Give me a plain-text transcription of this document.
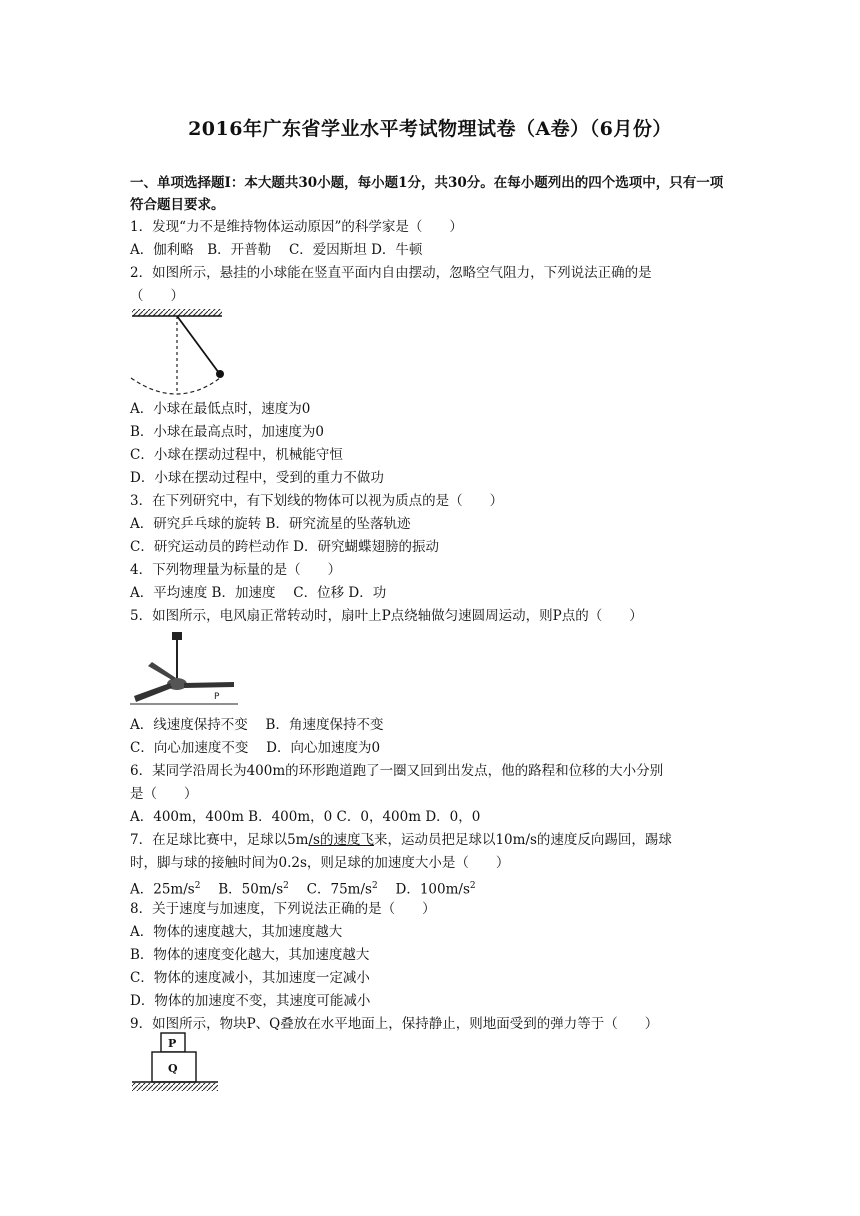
2016年广东省学业水平考试物理试卷（A卷）（6月份）
一、单项选择题Ⅰ：本大题共30小题，每小题1分，共30分。在每小题列出的四个选项中，只有一项符合题目要求。
1．发现“力不是维持物体运动原因”的科学家是（　　）
A．伽利略　B．开普勒　 C．爱因斯坦 D．牛顿
2．如图所示，悬挂的小球能在竖直平面内自由摆动，忽略空气阻力，下列说法正确的是
（　　）
A．小球在最低点时，速度为0
B．小球在最高点时，加速度为0
C．小球在摆动过程中，机械能守恒
D．小球在摆动过程中，受到的重力不做功
3．在下列研究中，有下划线的物体可以视为质点的是（　　）
A．研究乒乓球的旋转 B．研究流星的坠落轨迹
C．研究运动员的跨栏动作 D．研究蝴蝶翅膀的振动
4．下列物理量为标量的是（　　）
A．平均速度 B．加速度　 C．位移 D．功
5．如图所示，电风扇正常转动时，扇叶上P点绕轴做匀速圆周运动，则P点的（　　）
P
A．线速度保持不变　 B．角速度保持不变
C．向心加速度不变　 D．向心加速度为0
6．某同学沿周长为400m的环形跑道跑了一圈又回到出发点，他的路程和位移的大小分别
是（　　）
A．400m，400m B．400m，0 C．0，400m D．0，0
7．在足球比赛中，足球以5m/s的速度飞来，运动员把足球以10m/s的速度反向踢回，踢球
时，脚与球的接触时间为0.2s，则足球的加速度大小是（　　）
A．$25m/s^2$　 B．$50m/s^2$　 C．$75m/s^2$　 D．$100m/s^2$
8．关于速度与加速度，下列说法正确的是（　　）
A．物体的速度越大，其加速度越大
B．物体的速度变化越大，其加速度越大
C．物体的速度减小，其加速度一定减小
D．物体的加速度不变，其速度可能减小
9．如图所示，物块P、Q叠放在水平地面上，保持静止，则地面受到的弹力等于（　　）
P
Q
